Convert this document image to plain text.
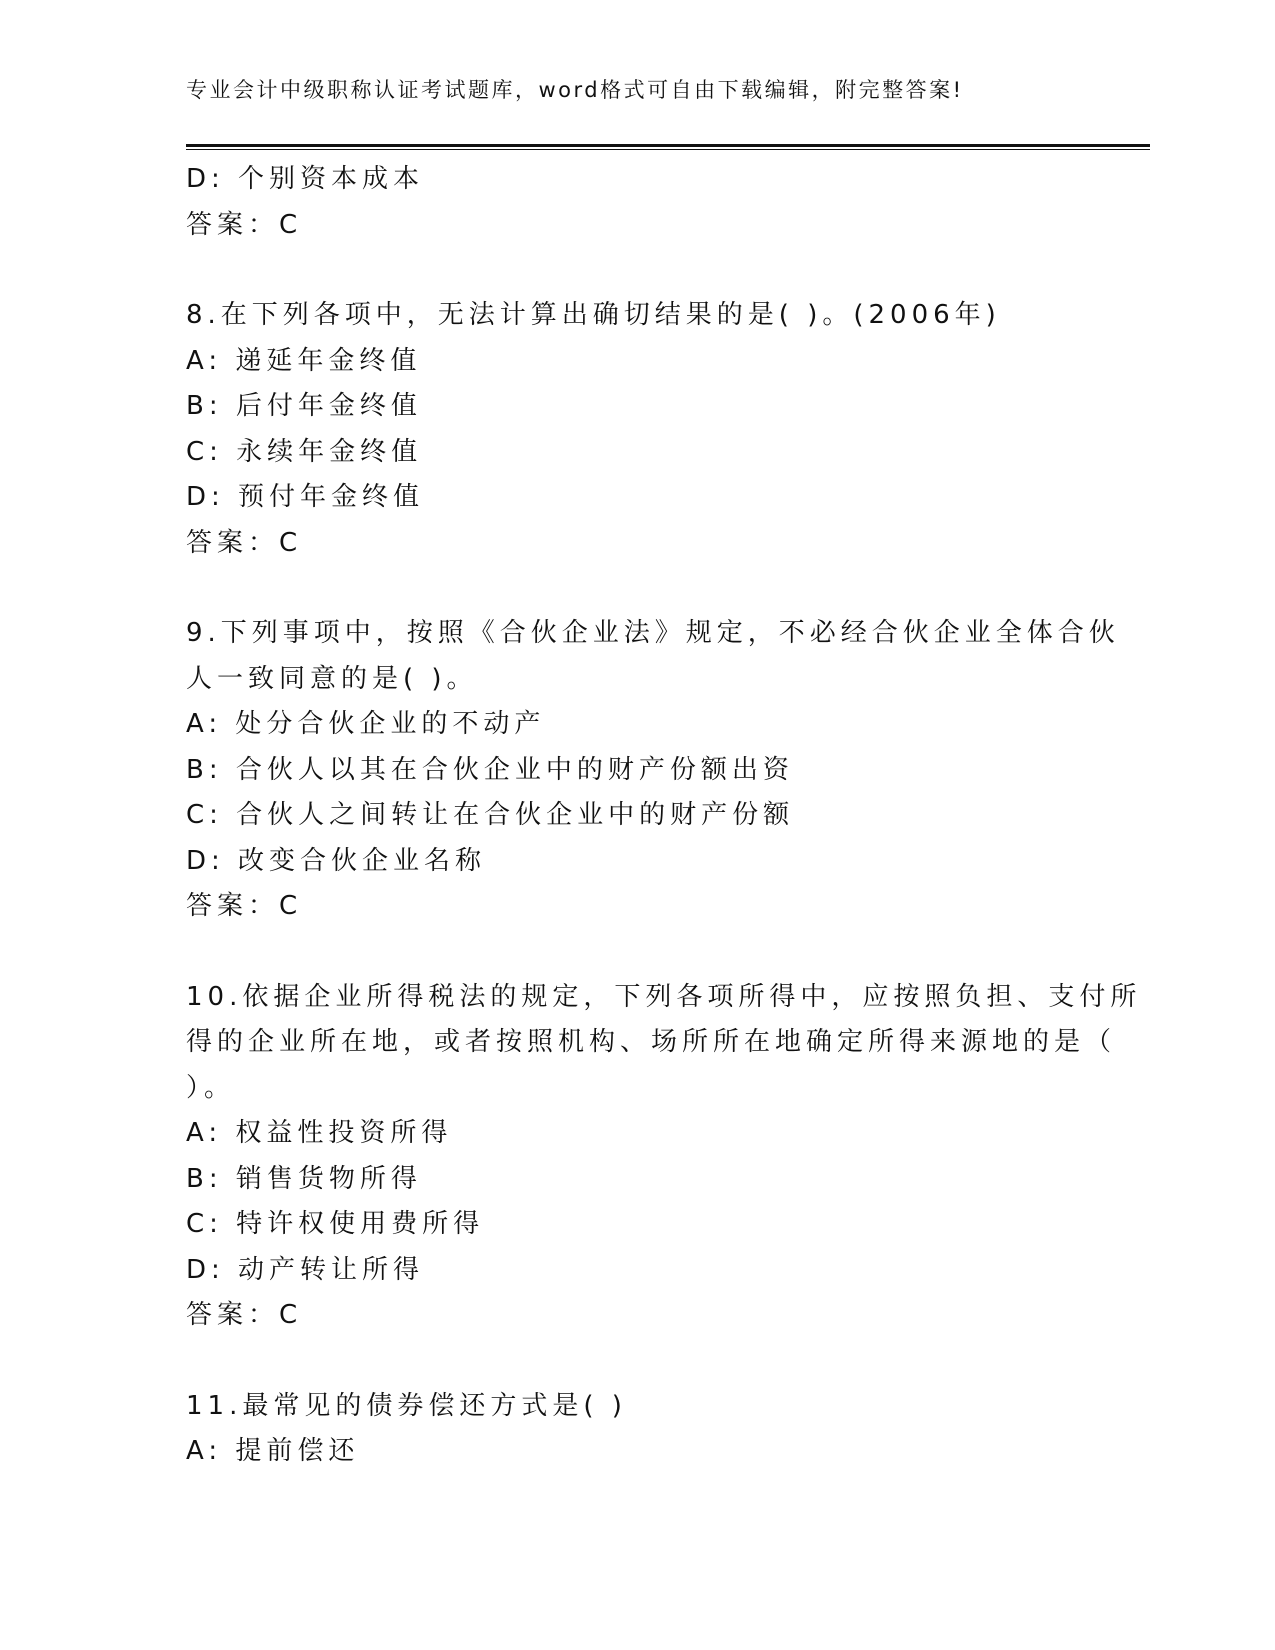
专业会计中级职称认证考试题库，word格式可自由下载编辑，附完整答案!
D: 个别资本成本
答案：C
8.在下列各项中，无法计算出确切结果的是( )。(2006年)
A: 递延年金终值
B: 后付年金终值
C: 永续年金终值
D: 预付年金终值
答案：C
9.下列事项中，按照《合伙企业法》规定，不必经合伙企业全体合伙
人一致同意的是( )。
A: 处分合伙企业的不动产
B: 合伙人以其在合伙企业中的财产份额出资
C: 合伙人之间转让在合伙企业中的财产份额
D: 改变合伙企业名称
答案：C
10.依据企业所得税法的规定，下列各项所得中，应按照负担、支付所
得的企业所在地，或者按照机构、场所所在地确定所得来源地的是（
）。
A: 权益性投资所得
B: 销售货物所得
C: 特许权使用费所得
D: 动产转让所得
答案：C
11.最常见的债券偿还方式是( )
A: 提前偿还
